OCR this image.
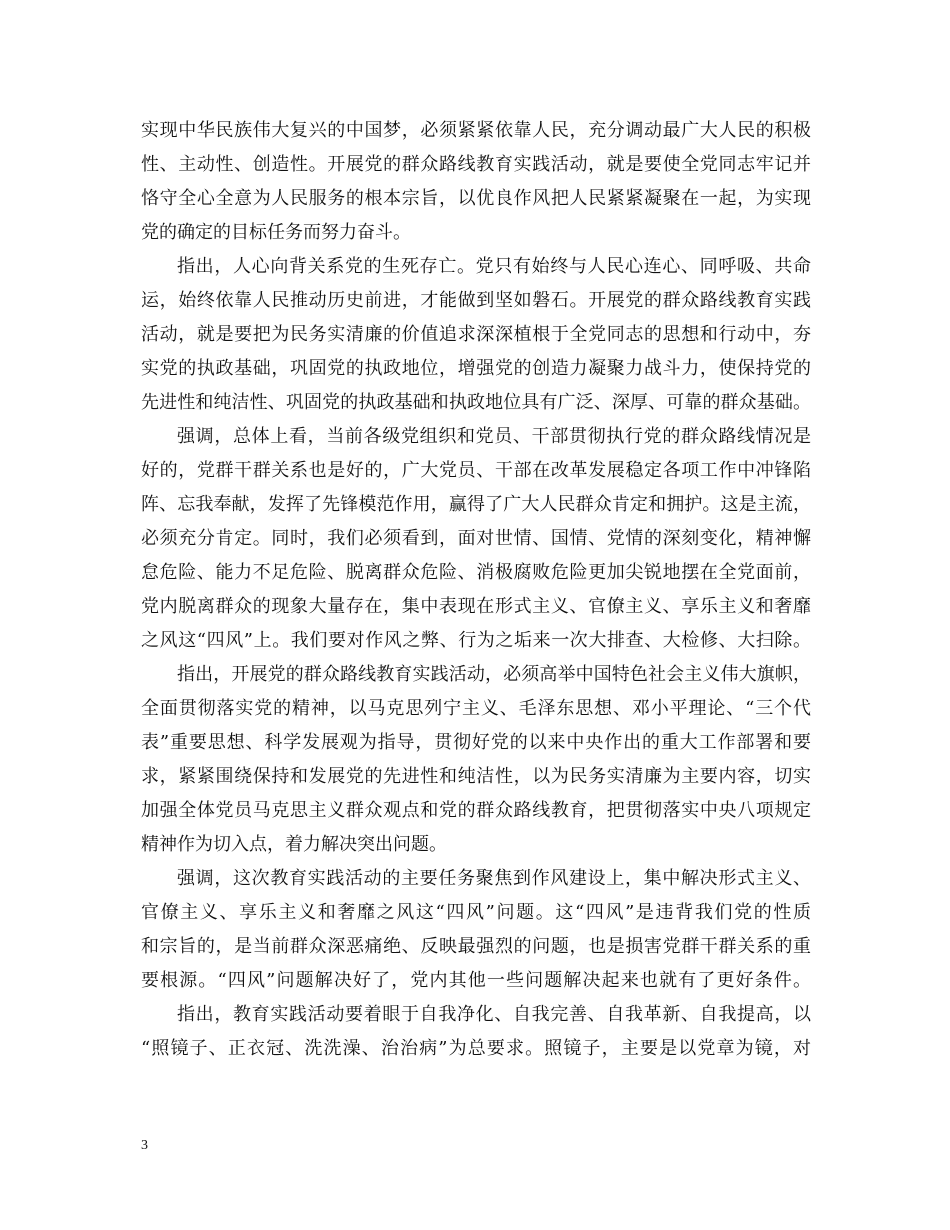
实现中华民族伟大复兴的中国梦，必须紧紧依靠人民，充分调动最广大人民的积极
性、主动性、创造性。开展党的群众路线教育实践活动，就是要使全党同志牢记并
恪守全心全意为人民服务的根本宗旨，以优良作风把人民紧紧凝聚在一起，为实现
党的确定的目标任务而努力奋斗。
指出，人心向背关系党的生死存亡。党只有始终与人民心连心、同呼吸、共命
运，始终依靠人民推动历史前进，才能做到坚如磐石。开展党的群众路线教育实践
活动，就是要把为民务实清廉的价值追求深深植根于全党同志的思想和行动中，夯
实党的执政基础，巩固党的执政地位，增强党的创造力凝聚力战斗力，使保持党的
先进性和纯洁性、巩固党的执政基础和执政地位具有广泛、深厚、可靠的群众基础。
强调，总体上看，当前各级党组织和党员、干部贯彻执行党的群众路线情况是
好的，党群干群关系也是好的，广大党员、干部在改革发展稳定各项工作中冲锋陷
阵、忘我奉献，发挥了先锋模范作用，赢得了广大人民群众肯定和拥护。这是主流，
必须充分肯定。同时，我们必须看到，面对世情、国情、党情的深刻变化，精神懈
怠危险、能力不足危险、脱离群众危险、消极腐败危险更加尖锐地摆在全党面前，
党内脱离群众的现象大量存在，集中表现在形式主义、官僚主义、享乐主义和奢靡
之风这“四风”上。我们要对作风之弊、行为之垢来一次大排查、大检修、大扫除。
指出，开展党的群众路线教育实践活动，必须高举中国特色社会主义伟大旗帜，
全面贯彻落实党的精神，以马克思列宁主义、毛泽东思想、邓小平理论、“三个代
表”重要思想、科学发展观为指导，贯彻好党的以来中央作出的重大工作部署和要
求，紧紧围绕保持和发展党的先进性和纯洁性，以为民务实清廉为主要内容，切实
加强全体党员马克思主义群众观点和党的群众路线教育，把贯彻落实中央八项规定
精神作为切入点，着力解决突出问题。
强调，这次教育实践活动的主要任务聚焦到作风建设上，集中解决形式主义、
官僚主义、享乐主义和奢靡之风这“四风”问题。这“四风”是违背我们党的性质
和宗旨的，是当前群众深恶痛绝、反映最强烈的问题，也是损害党群干群关系的重
要根源。“四风”问题解决好了，党内其他一些问题解决起来也就有了更好条件。
指出，教育实践活动要着眼于自我净化、自我完善、自我革新、自我提高，以
“照镜子、正衣冠、洗洗澡、治治病”为总要求。照镜子，主要是以党章为镜，对
3
